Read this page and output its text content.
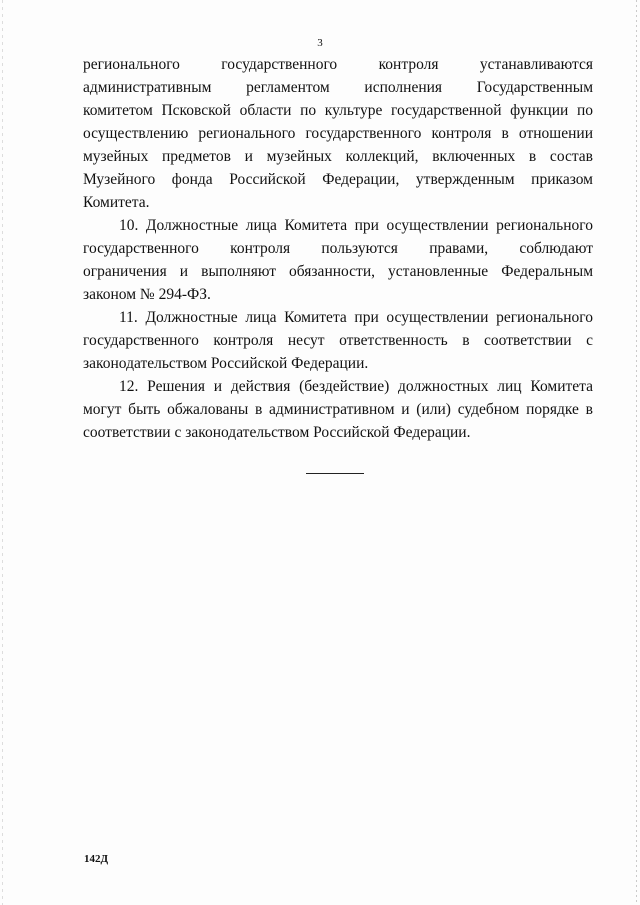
3
регионального государственного контроля устанавливаются
административным регламентом исполнения Государственным
комитетом Псковской области по культуре государственной функции по
осуществлению регионального государственного контроля в отношении
музейных предметов и музейных коллекций, включенных в состав
Музейного фонда Российской Федерации, утвержденным приказом
Комитета.
10. Должностные лица Комитета при осуществлении регионального
государственного контроля пользуются правами, соблюдают
ограничения и выполняют обязанности, установленные Федеральным
законом № 294-ФЗ.
11. Должностные лица Комитета при осуществлении регионального
государственного контроля несут ответственность в соответствии с
законодательством Российской Федерации.
12. Решения и действия (бездействие) должностных лиц Комитета
могут быть обжалованы в административном и (или) судебном порядке в
соответствии с законодательством Российской Федерации.
142Д
